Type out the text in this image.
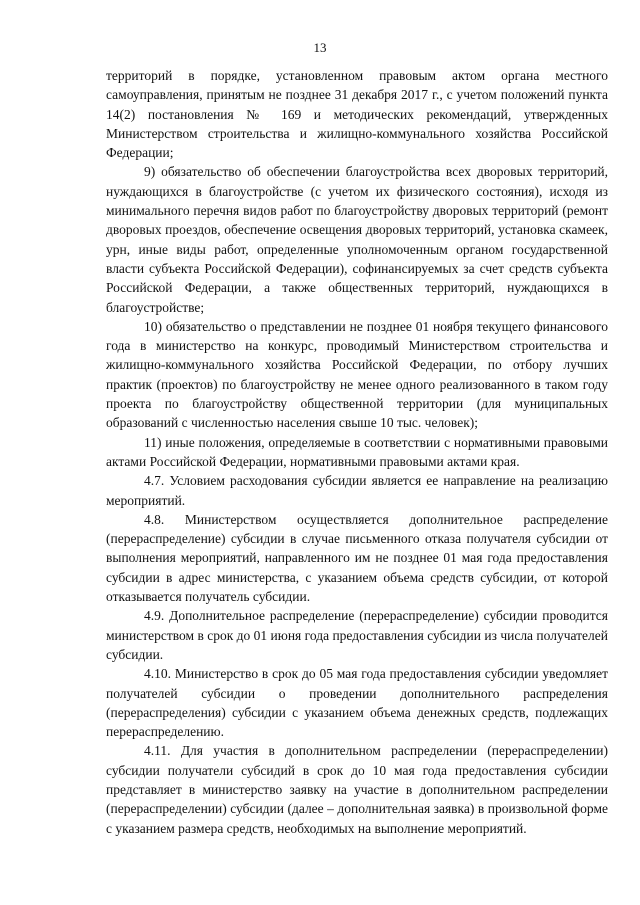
13

территорий в порядке, установленном правовым актом органа местного самоуправления, принятым не позднее 31 декабря 2017 г., с учетом положений пункта 14(2) постановления № 169 и методических рекомендаций, утвержденных Министерством строительства и жилищно-коммунального хозяйства Российской Федерации;

9) обязательство об обеспечении благоустройства всех дворовых территорий, нуждающихся в благоустройстве (с учетом их физического состояния), исходя из минимального перечня видов работ по благоустройству дворовых территорий (ремонт дворовых проездов, обеспечение освещения дворовых территорий, установка скамеек, урн, иные виды работ, определенные уполномоченным органом государственной власти субъекта Российской Федерации), софинансируемых за счет средств субъекта Российской Федерации, а также общественных территорий, нуждающихся в благоустройстве;

10) обязательство о представлении не позднее 01 ноября текущего финансового года в министерство на конкурс, проводимый Министерством строительства и жилищно-коммунального хозяйства Российской Федерации, по отбору лучших практик (проектов) по благоустройству не менее одного реализованного в таком году проекта по благоустройству общественной территории (для муниципальных образований с численностью населения свыше 10 тыс. человек);

11) иные положения, определяемые в соответствии с нормативными правовыми актами Российской Федерации, нормативными правовыми актами края.

4.7. Условием расходования субсидии является ее направление на реализацию мероприятий.

4.8. Министерством осуществляется дополнительное распределение (перераспределение) субсидии в случае письменного отказа получателя субсидии от выполнения мероприятий, направленного им не позднее 01 мая года предоставления субсидии в адрес министерства, с указанием объема средств субсидии, от которой отказывается получатель субсидии.

4.9. Дополнительное распределение (перераспределение) субсидии проводится министерством в срок до 01 июня года предоставления субсидии из числа получателей субсидии.

4.10. Министерство в срок до 05 мая года предоставления субсидии уведомляет получателей субсидии о проведении дополнительного распределения (перераспределения) субсидии с указанием объема денежных средств, подлежащих перераспределению.

4.11. Для участия в дополнительном распределении (перераспределении) субсидии получатели субсидий в срок до 10 мая года предоставления субсидии представляет в министерство заявку на участие в дополнительном распределении (перераспределении) субсидии (далее – дополнительная заявка) в произвольной форме с указанием размера средств, необходимых на выполнение мероприятий.
